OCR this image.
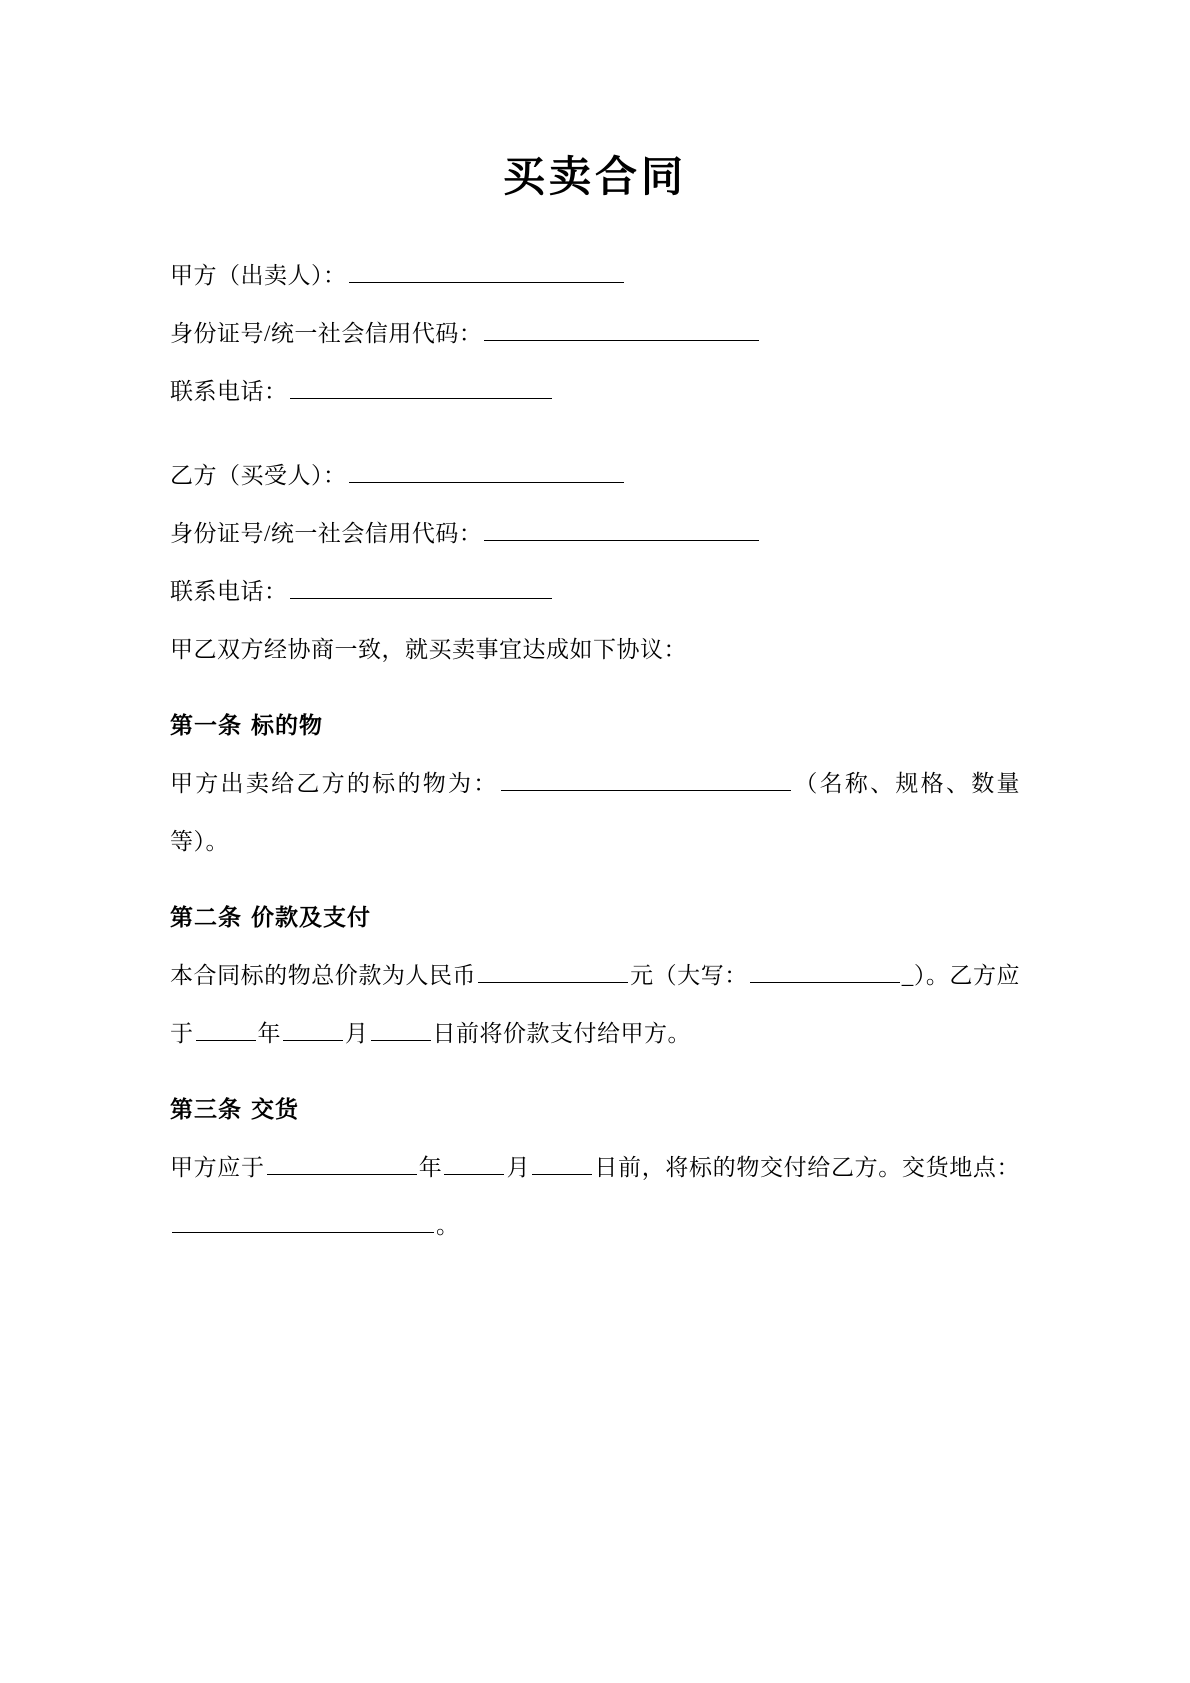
买卖合同

甲方（出卖人）：

身份证号/统一社会信用代码：

联系电话：

乙方（买受人）：

身份证号/统一社会信用代码：

联系电话：

甲乙双方经协商一致，就买卖事宜达成如下协议：

第一条 标的物

甲方出卖给乙方的标的物为：	（名称、规格、数量等）。

第二条 价款及支付

本合同标的物总价款为人民币	元（大写：	_）。乙方应于	年	月	日前将价款支付给甲方。

第三条 交货

甲方应于	年	月	日前，将标的物交付给乙方。交货地点：。
